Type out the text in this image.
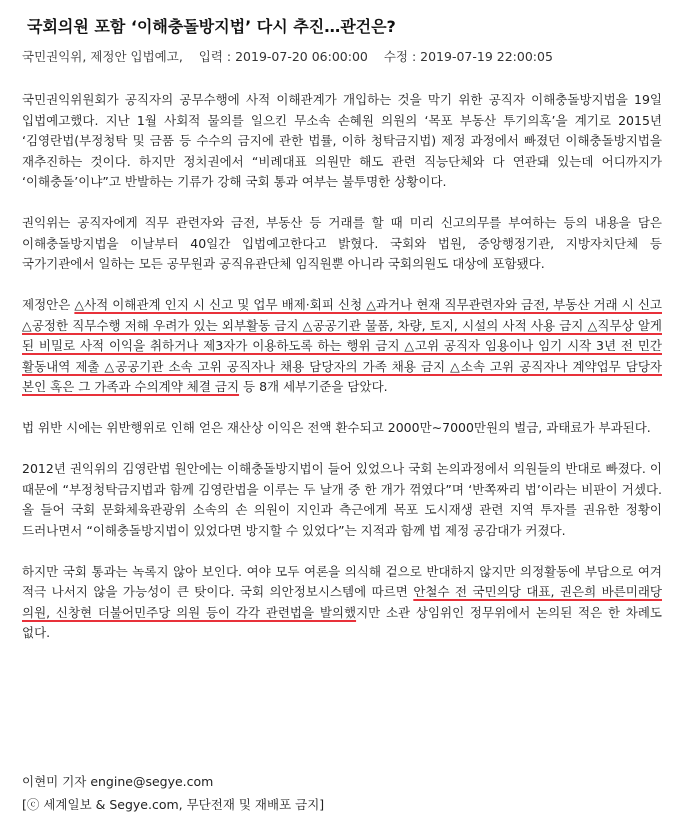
국회의원 포함 ‘이해충돌방지법’ 다시 추진…관건은?
국민권익위, 제정안 입법예고, 입력 : 2019-07-20 06:00:00 수정 : 2019-07-19 22:00:05

국민권익위원회가 공직자의 공무수행에 사적 이해관계가 개입하는 것을 막기 위한 공직자 이해충돌방지법을 19일 입법예고했다. 지난 1월 사회적 물의를 일으킨 무소속 손혜원 의원의 ‘목포 부동산 투기의혹’을 계기로 2015년 ‘김영란법(부정청탁 및 금품 등 수수의 금지에 관한 법률, 이하 청탁금지법) 제정 과정에서 빠졌던 이해충돌방지법을 재추진하는 것이다. 하지만 정치권에서 “비례대표 의원만 해도 관련 직능단체와 다 연관돼 있는데 어디까지가 ‘이해충돌’이냐”고 반발하는 기류가 강해 국회 통과 여부는 불투명한 상황이다.

권익위는 공직자에게 직무 관련자와 금전, 부동산 등 거래를 할 때 미리 신고의무를 부여하는 등의 내용을 담은 이해충돌방지법을 이날부터 40일간 입법예고한다고 밝혔다. 국회와 법원, 중앙행정기관, 지방자치단체 등 국가기관에서 일하는 모든 공무원과 공직유관단체 임직원뿐 아니라 국회의원도 대상에 포함됐다.

제정안은 △사적 이해관계 인지 시 신고 및 업무 배제·회피 신청 △과거나 현재 직무관련자와 금전, 부동산 거래 시 신고 △공정한 직무수행 저해 우려가 있는 외부활동 금지 △공공기관 물품, 차량, 토지, 시설의 사적 사용 금지 △직무상 알게 된 비밀로 사적 이익을 취하거나 제3자가 이용하도록 하는 행위 금지 △고위 공직자 임용이나 임기 시작 3년 전 민간 활동내역 제출 △공공기관 소속 고위 공직자나 채용 담당자의 가족 채용 금지 △소속 고위 공직자나 계약업무 담당자 본인 혹은 그 가족과 수의계약 체결 금지 등 8개 세부기준을 담았다.

법 위반 시에는 위반행위로 인해 얻은 재산상 이익은 전액 환수되고 2000만∼7000만원의 벌금, 과태료가 부과된다.

2012년 권익위의 김영란법 원안에는 이해충돌방지법이 들어 있었으나 국회 논의과정에서 의원들의 반대로 빠졌다. 이 때문에 “부정청탁금지법과 함께 김영란법을 이루는 두 날개 중 한 개가 꺾였다”며 ‘반쪽짜리 법’이라는 비판이 거셌다. 올 들어 국회 문화체육관광위 소속의 손 의원이 지인과 측근에게 목포 도시재생 관련 지역 투자를 권유한 정황이 드러나면서 “이해충돌방지법이 있었다면 방지할 수 있었다”는 지적과 함께 법 제정 공감대가 커졌다.

하지만 국회 통과는 녹록지 않아 보인다. 여야 모두 여론을 의식해 겉으로 반대하지 않지만 의정활동에 부담으로 여겨 적극 나서지 않을 가능성이 큰 탓이다. 국회 의안정보시스템에 따르면 안철수 전 국민의당 대표, 권은희 바른미래당 의원, 신창현 더불어민주당 의원 등이 각각 관련법을 발의했지만 소관 상임위인 정무위에서 논의된 적은 한 차례도 없다.

이현미 기자 engine@segye.com
[ⓒ 세계일보 & Segye.com, 무단전재 및 재배포 금지]
